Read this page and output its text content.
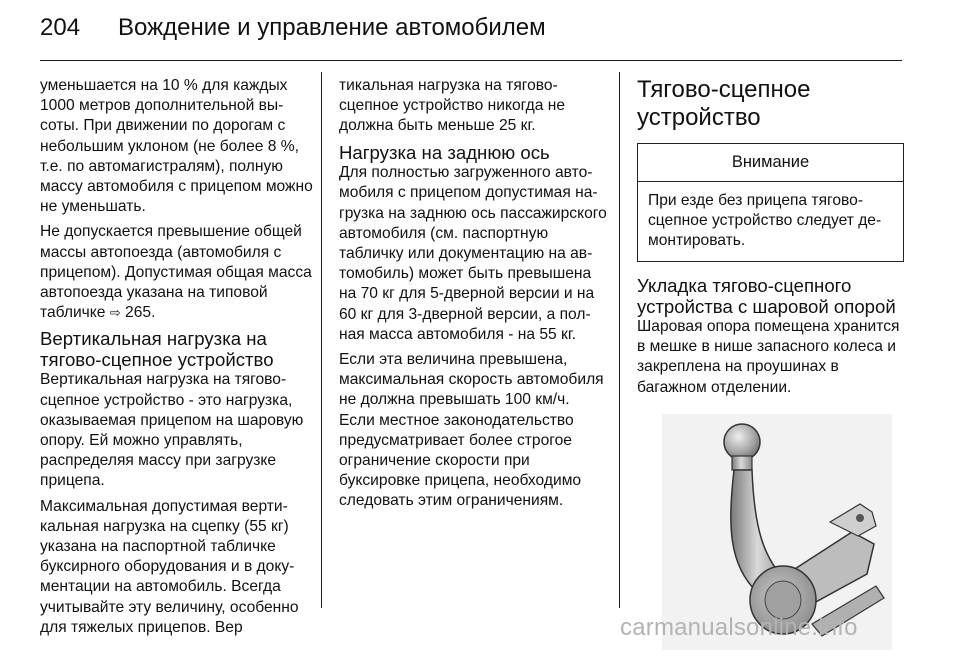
204 Вождение и управление автомобилем

уменьшается на 10 % для каждых 1000 метров дополнительной высоты. При движении по дорогам с небольшим уклоном (не более 8 %, т.е. по автомагистралям), полную массу автомобиля с прицепом можно не уменьшать.

Не допускается превышение общей массы автопоезда (автомобиля с прицепом). Допустимая общая масса автопоезда указана на типовой табличке ⇨ 265.

Вертикальная нагрузка на тягово-сцепное устройство

Вертикальная нагрузка на тягово-сцепное устройство - это нагрузка, оказываемая прицепом на шаровую опору. Ей можно управлять, распределяя массу при загрузке прицепа.

Максимальная допустимая вертикальная нагрузка на сцепку (55 кг) указана на паспортной табличке буксирного оборудования и в документации на автомобиль. Всегда учитывайте эту величину, особенно для тяжелых прицепов. Вер

тикальная нагрузка на тягово-сцепное устройство никогда не должна быть меньше 25 кг.

Нагрузка на заднюю ось

Для полностью загруженного автомобиля с прицепом допустимая нагрузка на заднюю ось пассажирского автомобиля (см. паспортную табличку или документацию на автомобиль) может быть превышена на 70 кг для 5-дверной версии и на 60 кг для 3-дверной версии, а полная масса автомобиля - на 55 кг.

Если эта величина превышена, максимальная скорость автомобиля не должна превышать 100 км/ч. Если местное законодательство предусматривает более строгое ограничение скорости при буксировке прицепа, необходимо следовать этим ограничениям.

Тягово-сцепное устройство
Внимание
При езде без прицепа тягово-сцепное устройство следует демонтировать.
Укладка тягово-сцепного устройства с шаровой опорой

Шаровая опора помещена хранится в мешке в нише запасного колеса и закреплена на проушинах в багажном отделении.

carmanualsonline.info
